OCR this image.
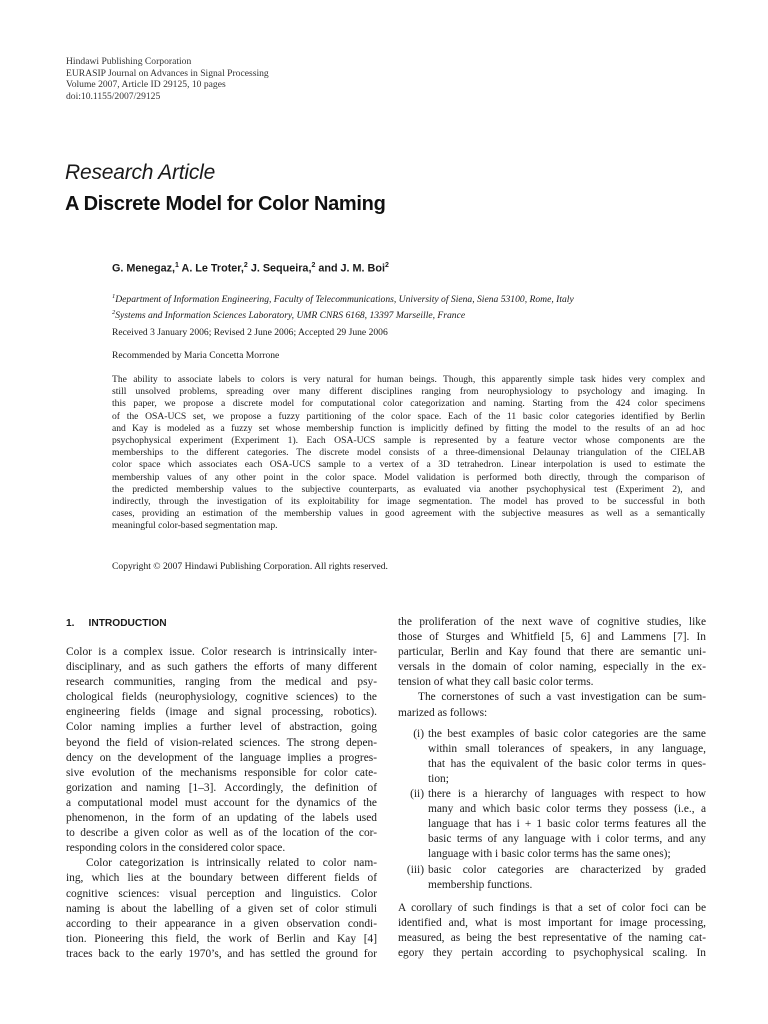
Hindawi Publishing Corporation
EURASIP Journal on Advances in Signal Processing
Volume 2007, Article ID 29125, 10 pages
doi:10.1155/2007/29125
Research Article
A Discrete Model for Color Naming
G. Menegaz,$^1$ A. Le Troter,$^2$ J. Sequeira,$^2$ and J. M. Boi$^2$
$^1$Department of Information Engineering, Faculty of Telecommunications, University of Siena, Siena 53100, Rome, Italy
$^2$Systems and Information Sciences Laboratory, UMR CNRS 6168, 13397 Marseille, France
Received 3 January 2006; Revised 2 June 2006; Accepted 29 June 2006
Recommended by Maria Concetta Morrone
The ability to associate labels to colors is very natural for human beings. Though, this apparently simple task hides very complex and
still unsolved problems, spreading over many different disciplines ranging from neurophysiology to psychology and imaging. In
this paper, we propose a discrete model for computational color categorization and naming. Starting from the 424 color specimens
of the OSA-UCS set, we propose a fuzzy partitioning of the color space. Each of the 11 basic color categories identified by Berlin
and Kay is modeled as a fuzzy set whose membership function is implicitly defined by fitting the model to the results of an ad hoc
psychophysical experiment (Experiment 1). Each OSA-UCS sample is represented by a feature vector whose components are the
memberships to the different categories. The discrete model consists of a three-dimensional Delaunay triangulation of the CIELAB
color space which associates each OSA-UCS sample to a vertex of a 3D tetrahedron. Linear interpolation is used to estimate the
membership values of any other point in the color space. Model validation is performed both directly, through the comparison of
the predicted membership values to the subjective counterparts, as evaluated via another psychophysical test (Experiment 2), and
indirectly, through the investigation of its exploitability for image segmentation. The model has proved to be successful in both
cases, providing an estimation of the membership values in good agreement with the subjective measures as well as a semantically
meaningful color-based segmentation map.
Copyright © 2007 Hindawi Publishing Corporation. All rights reserved.
1. INTRODUCTION
Color is a complex issue. Color research is intrinsically inter-
disciplinary, and as such gathers the efforts of many different
research communities, ranging from the medical and psy-
chological fields (neurophysiology, cognitive sciences) to the
engineering fields (image and signal processing, robotics).
Color naming implies a further level of abstraction, going
beyond the field of vision-related sciences. The strong depen-
dency on the development of the language implies a progres-
sive evolution of the mechanisms responsible for color cate-
gorization and naming [1–3]. Accordingly, the definition of
a computational model must account for the dynamics of the
phenomenon, in the form of an updating of the labels used
to describe a given color as well as of the location of the cor-
responding colors in the considered color space.
Color categorization is intrinsically related to color nam-
ing, which lies at the boundary between different fields of
cognitive sciences: visual perception and linguistics. Color
naming is about the labelling of a given set of color stimuli
according to their appearance in a given observation condi-
tion. Pioneering this field, the work of Berlin and Kay [4]
traces back to the early 1970’s, and has settled the ground for
the proliferation of the next wave of cognitive studies, like
those of Sturges and Whitfield [5, 6] and Lammens [7]. In
particular, Berlin and Kay found that there are semantic uni-
versals in the domain of color naming, especially in the ex-
tension of what they call basic color terms.
The cornerstones of such a vast investigation can be sum-
marized as follows:
(i) the best examples of basic color categories are the same
within small tolerances of speakers, in any language,
that has the equivalent of the basic color terms in ques-
tion;
(ii) there is a hierarchy of languages with respect to how
many and which basic color terms they possess (i.e., a
language that has i + 1 basic color terms features all the
basic terms of any language with i color terms, and any
language with i basic color terms has the same ones);
(iii) basic color categories are characterized by graded
membership functions.
A corollary of such findings is that a set of color foci can be
identified and, what is most important for image processing,
measured, as being the best representative of the naming cat-
egory they pertain according to psychophysical scaling. In
